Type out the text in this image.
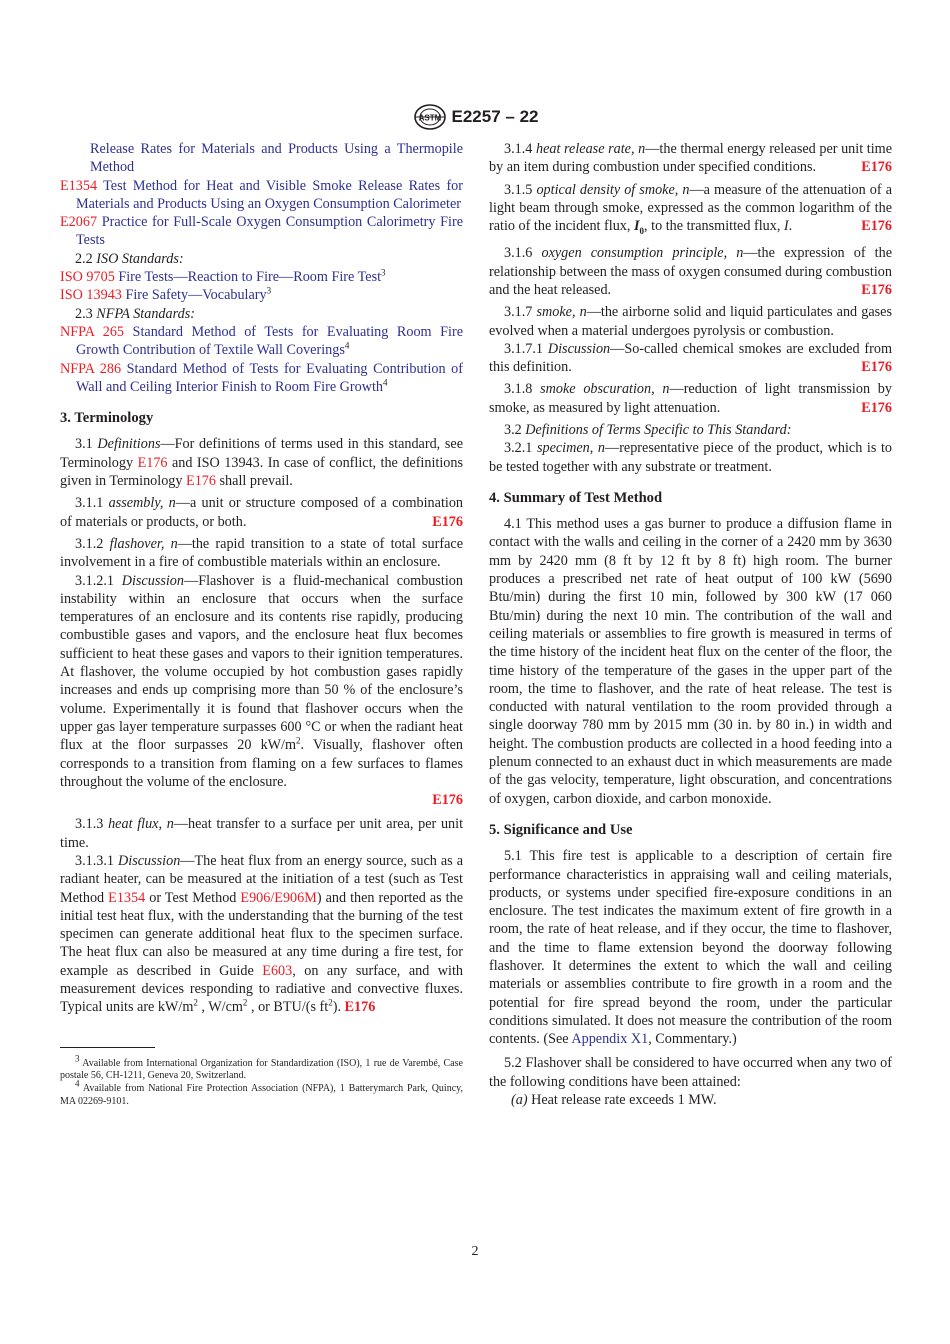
ASTM E2257 – 22
Release Rates for Materials and Products Using a Thermopile Method
E1354 Test Method for Heat and Visible Smoke Release Rates for Materials and Products Using an Oxygen Consumption Calorimeter
E2067 Practice for Full-Scale Oxygen Consumption Calorimetry Fire Tests

2.2 ISO Standards:

ISO 9705 Fire Tests—Reaction to Fire—Room Fire Test$^3$
ISO 13943 Fire Safety—Vocabulary$^3$

2.3 NFPA Standards:

NFPA 265 Standard Method of Tests for Evaluating Room Fire Growth Contribution of Textile Wall Coverings$^4$
NFPA 286 Standard Method of Tests for Evaluating Contribution of Wall and Ceiling Interior Finish to Room Fire Growth$^4$
3. Terminology

3.1 Definitions—For definitions of terms used in this standard, see Terminology E176 and ISO 13943. In case of conflict, the definitions given in Terminology E176 shall prevail.

3.1.1 assembly, n—a unit or structure composed of a combination of materials or products, or both.	E176

3.1.2 flashover, n—the rapid transition to a state of total surface involvement in a fire of combustible materials within an enclosure.

3.1.2.1 Discussion—Flashover is a fluid-mechanical combustion instability within an enclosure that occurs when the surface temperatures of an enclosure and its contents rise rapidly, producing combustible gases and vapors, and the enclosure heat flux becomes sufficient to heat these gases and vapors to their ignition temperatures. At flashover, the volume occupied by hot combustion gases rapidly increases and ends up comprising more than 50 % of the enclosure’s volume. Experimentally it is found that flashover occurs when the upper gas layer temperature surpasses 600 °C or when the radiant heat flux at the floor surpasses 20 $kW/m^2$. Visually, flashover often corresponds to a transition from flaming on a few surfaces to flames throughout the volume of the enclosure.

E176

3.1.3 heat flux, n—heat transfer to a surface per unit area, per unit time.

3.1.3.1 Discussion—The heat flux from an energy source, such as a radiant heater, can be measured at the initiation of a test (such as Test Method E1354 or Test Method E906/E906M) and then reported as the initial test heat flux, with the understanding that the burning of the test specimen can generate additional heat flux to the specimen surface. The heat flux can also be measured at any time during a fire test, for example as described in Guide E603, on any surface, and with measurement devices responding to radiative and convective fluxes. Typical units are $kW/m^2$ , $W/cm^2$ , or BTU/(s $ft^2$). E176

$^3$ Available from International Organization for Standardization (ISO), 1 rue de Varembé, Case postale 56, CH-1211, Geneva 20, Switzerland.

$^4$ Available from National Fire Protection Association (NFPA), 1 Batterymarch Park, Quincy, MA 02269-9101.

3.1.4 heat release rate, n—the thermal energy released per unit time by an item during combustion under specified conditions.	E176

3.1.5 optical density of smoke, n—a measure of the attenuation of a light beam through smoke, expressed as the common logarithm of the ratio of the incident flux, $I_0$, to the transmitted flux, I.	E176

3.1.6 oxygen consumption principle, n—the expression of the relationship between the mass of oxygen consumed during combustion and the heat released.	E176

3.1.7 smoke, n—the airborne solid and liquid particulates and gases evolved when a material undergoes pyrolysis or combustion.

3.1.7.1 Discussion—So-called chemical smokes are excluded from this definition.	E176

3.1.8 smoke obscuration, n—reduction of light transmission by smoke, as measured by light attenuation.	E176

3.2 Definitions of Terms Specific to This Standard:

3.2.1 specimen, n—representative piece of the product, which is to be tested together with any substrate or treatment.

4. Summary of Test Method

4.1 This method uses a gas burner to produce a diffusion flame in contact with the walls and ceiling in the corner of a 2420 mm by 3630 mm by 2420 mm (8 ft by 12 ft by 8 ft) high room. The burner produces a prescribed net rate of heat output of 100 kW (5690 Btu/min) during the first 10 min, followed by 300 kW (17 060 Btu/min) during the next 10 min. The contribution of the wall and ceiling materials or assemblies to fire growth is measured in terms of the time history of the incident heat flux on the center of the floor, the time history of the temperature of the gases in the upper part of the room, the time to flashover, and the rate of heat release. The test is conducted with natural ventilation to the room provided through a single doorway 780 mm by 2015 mm (30 in. by 80 in.) in width and height. The combustion products are collected in a hood feeding into a plenum connected to an exhaust duct in which measurements are made of the gas velocity, temperature, light obscuration, and concentrations of oxygen, carbon dioxide, and carbon monoxide.

5. Significance and Use

5.1 This fire test is applicable to a description of certain fire performance characteristics in appraising wall and ceiling materials, products, or systems under specified fire-exposure conditions in an enclosure. The test indicates the maximum extent of fire growth in a room, the rate of heat release, and if they occur, the time to flashover, and the time to flame extension beyond the doorway following flashover. It determines the extent to which the wall and ceiling materials or assemblies contribute to fire growth in a room and the potential for fire spread beyond the room, under the particular conditions simulated. It does not measure the contribution of the room contents. (See Appendix X1, Commentary.)

5.2 Flashover shall be considered to have occurred when any two of the following conditions have been attained:

(a) Heat release rate exceeds 1 MW.

2
